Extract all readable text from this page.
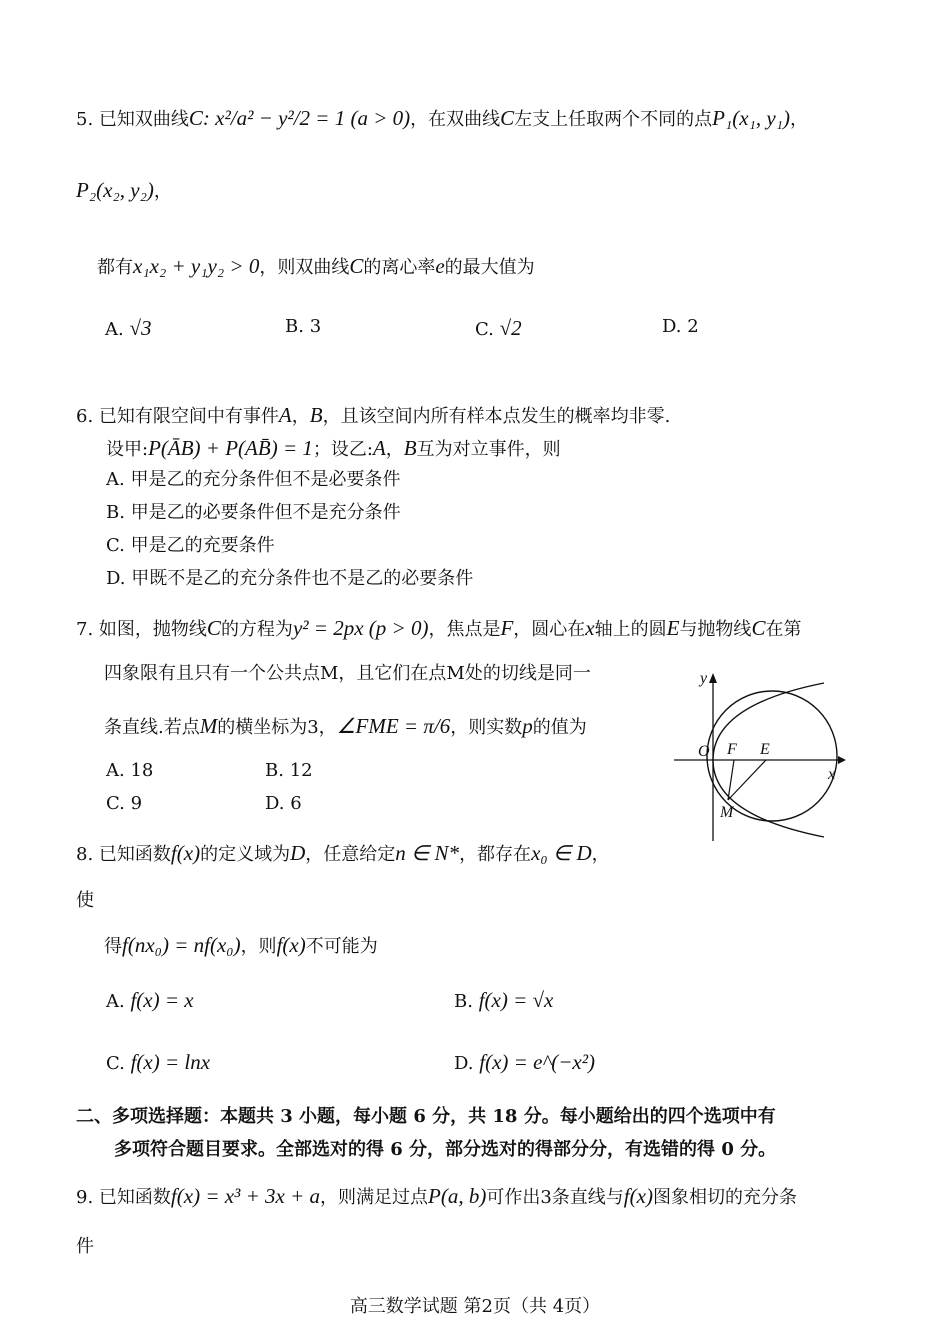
5. 已知双曲线C: x²/a² − y²/2 = 1 (a > 0)，在双曲线C左支上任取两个不同的点P₁(x₁, y₁)，
P₂(x₂, y₂)，
都有x₁x₂ + y₁y₂ > 0，则双曲线C的离心率e的最大值为
A. √3	B. 3	C. √2	D. 2
6. 已知有限空间中有事件A，B，且该空间内所有样本点发生的概率均非零.
设甲:P(ĀB) + P(AB̄) = 1；设乙:A，B互为对立事件，则
A. 甲是乙的充分条件但不是必要条件
B. 甲是乙的必要条件但不是充分条件
C. 甲是乙的充要条件
D. 甲既不是乙的充分条件也不是乙的必要条件
7. 如图，抛物线C的方程为y² = 2px (p > 0)，焦点是F，圆心在x轴上的圆E与抛物线C在第
四象限有且只有一个公共点M，且它们在点M处的切线是同一
条直线.若点M的横坐标为3，∠FME = π/6，则实数p的值为
A. 18	B. 12
C. 9	D. 6
y
x
O F E
M
8. 已知函数f(x)的定义域为D，任意给定n ∈ N*，都存在x₀ ∈ D，
使
得f(nx₀) = nf(x₀)，则f(x)不可能为
A. f(x) = x	B. f(x) = √x
C. f(x) = lnx	D. f(x) = e^(−x²)
二、多项选择题：本题共 3 小题，每小题 6 分，共 18 分。每小题给出的四个选项中有
多项符合题目要求。全部选对的得 6 分，部分选对的得部分分，有选错的得 0 分。
9. 已知函数f(x) = x³ + 3x + a，则满足过点P(a, b)可作出3条直线与f(x)图象相切的充分条
件
高三数学试题 第2页（共 4页）
